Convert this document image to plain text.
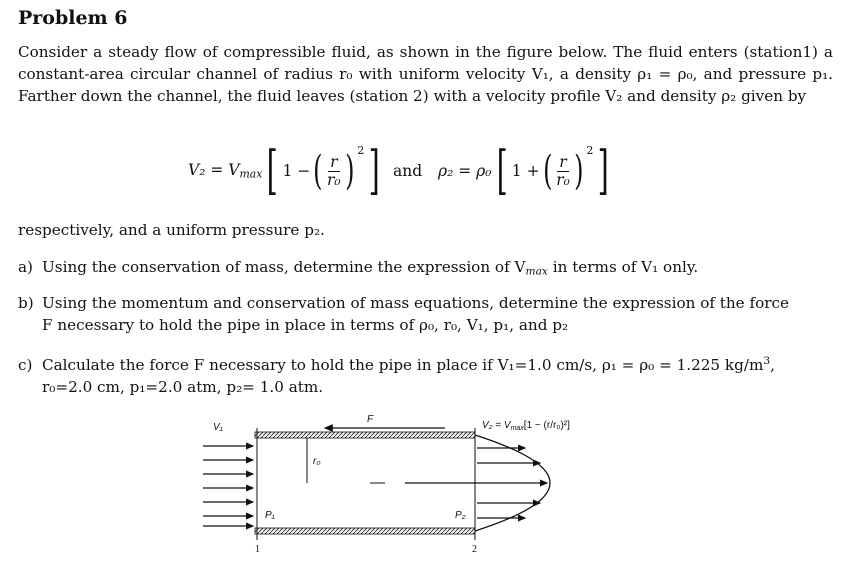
Problem 6

Consider a steady flow of compressible fluid, as shown in the figure below. The fluid enters (station1) a constant-area circular channel of radius r₀ with uniform velocity V₁, a density ρ₁ = ρ₀, and pressure p₁. Farther down the channel, the fluid leaves (station 2) with a velocity profile V₂ and density ρ₂ given by

$V_2 = V_{max}$ [ 1 − ( $\frac{r}{\text{r₀}}$ ) 2 ] and ρ₂ = ρ₀ [ 1 + ( $\frac{r}{\text{r₀}}$ ) 2 ]
respectively, and a uniform pressure p₂.
a) Using the conservation of mass, determine the expression of $V_{max}$ in terms of V₁ only.
b) Using the momentum and conservation of mass equations, determine the expression of the force
F necessary to hold the pipe in place in terms of ρ₀, r₀, V₁, p₁, and p₂
c) Calculate the force F necessary to hold the pipe in place if V₁=1.0 cm/s, ρ₁ = ρ₀ = 1.225 $kg/m^3$,
r₀=2.0 cm, p₁=2.0 atm, p₂= 1.0 atm.
V₁
F
r₀
P₁	P₂
$V_2 = V_{max}[1 - (r/r_0)^2]$
1	2
